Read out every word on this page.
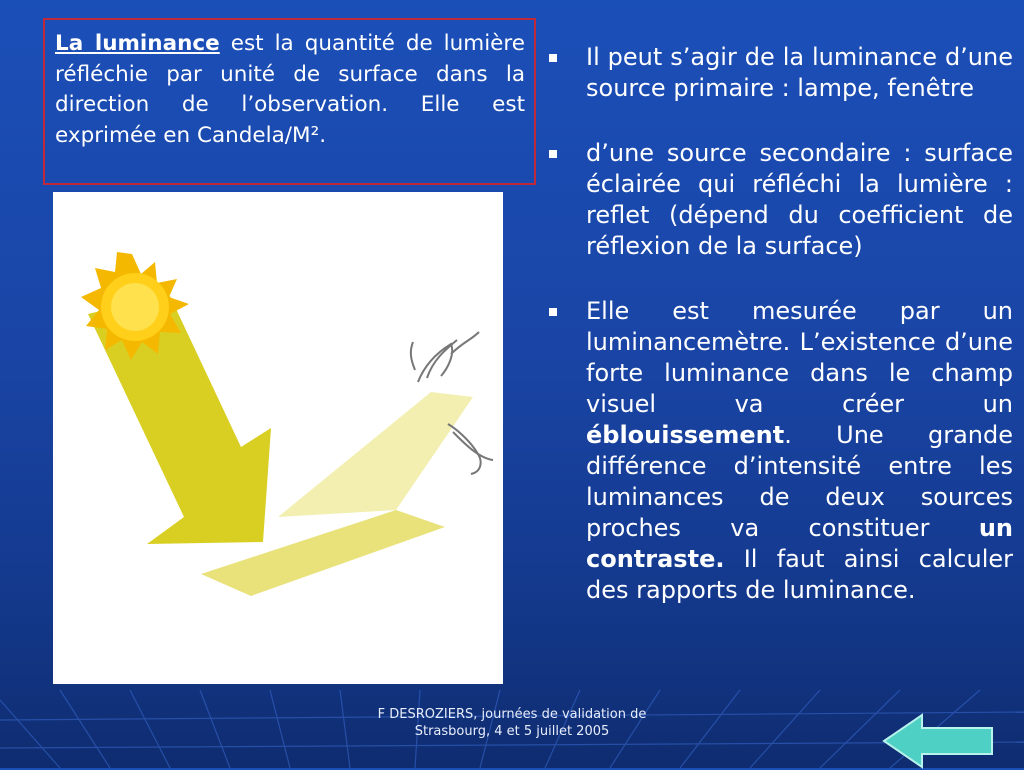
La luminance est la quantité de lumière réfléchie par unité de surface dans la direction de l’observation. Elle est exprimée en Candela/M².
Il peut s’agir de la luminance d’une source primaire : lampe, fenêtre
d’une source secondaire : surface éclairée qui réfléchi la lumière : reflet (dépend du coefficient de réflexion de la surface)
Elle est mesurée par un luminancemètre. L’existence d’une forte luminance dans le champ visuel va créer un éblouissement. Une grande différence d’intensité entre les luminances de deux sources proches va constituer un contraste. Il faut ainsi calculer des rapports de luminance.
F DESROZIERS, journées de validation de
Strasbourg, 4 et 5 juillet 2005
